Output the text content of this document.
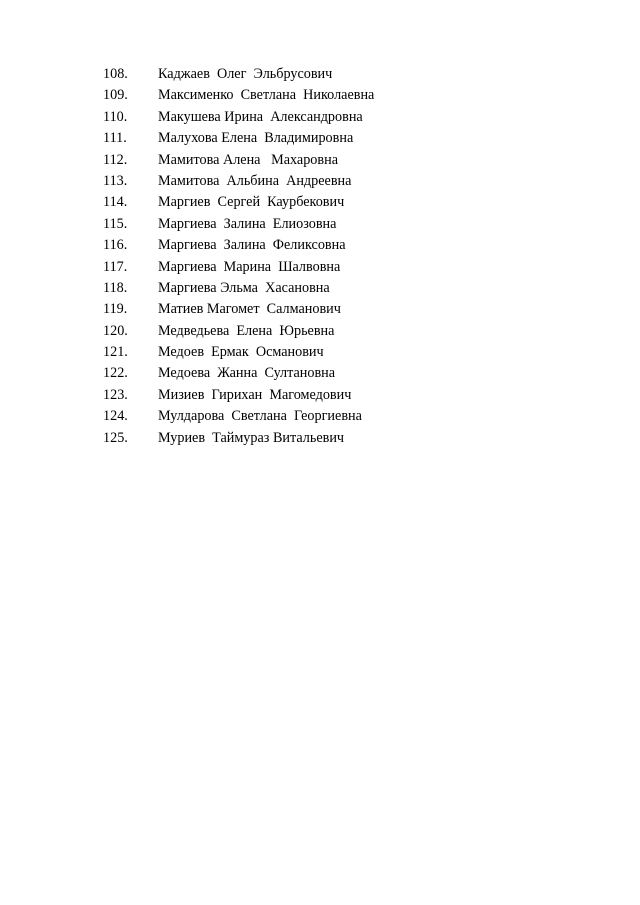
108.	Каджаев  Олег  Эльбрусович
109.	Максименко  Светлана  Николаевна
110.	Макушева Ирина  Александровна
111.	Малухова Елена  Владимировна
112.	Мамитова Алена   Махаровна
113.	Мамитова  Альбина  Андреевна
114.	Маргиев  Сергей  Каурбекович
115.	Маргиева  Залина  Елиозовна
116.	Маргиева  Залина  Феликсовна
117.	Маргиева  Марина  Шалвовна
118.	Маргиева Эльма  Хасановна
119.	Матиев Магомет  Салманович
120.	Медведьева  Елена  Юрьевна
121.	Медоев  Ермак  Османович
122.	Медоева  Жанна  Султановна
123.	Мизиев  Гирихан  Магомедович
124.	Мулдарова  Светлана  Георгиевна
125.	Муриев  Таймураз Витальевич
